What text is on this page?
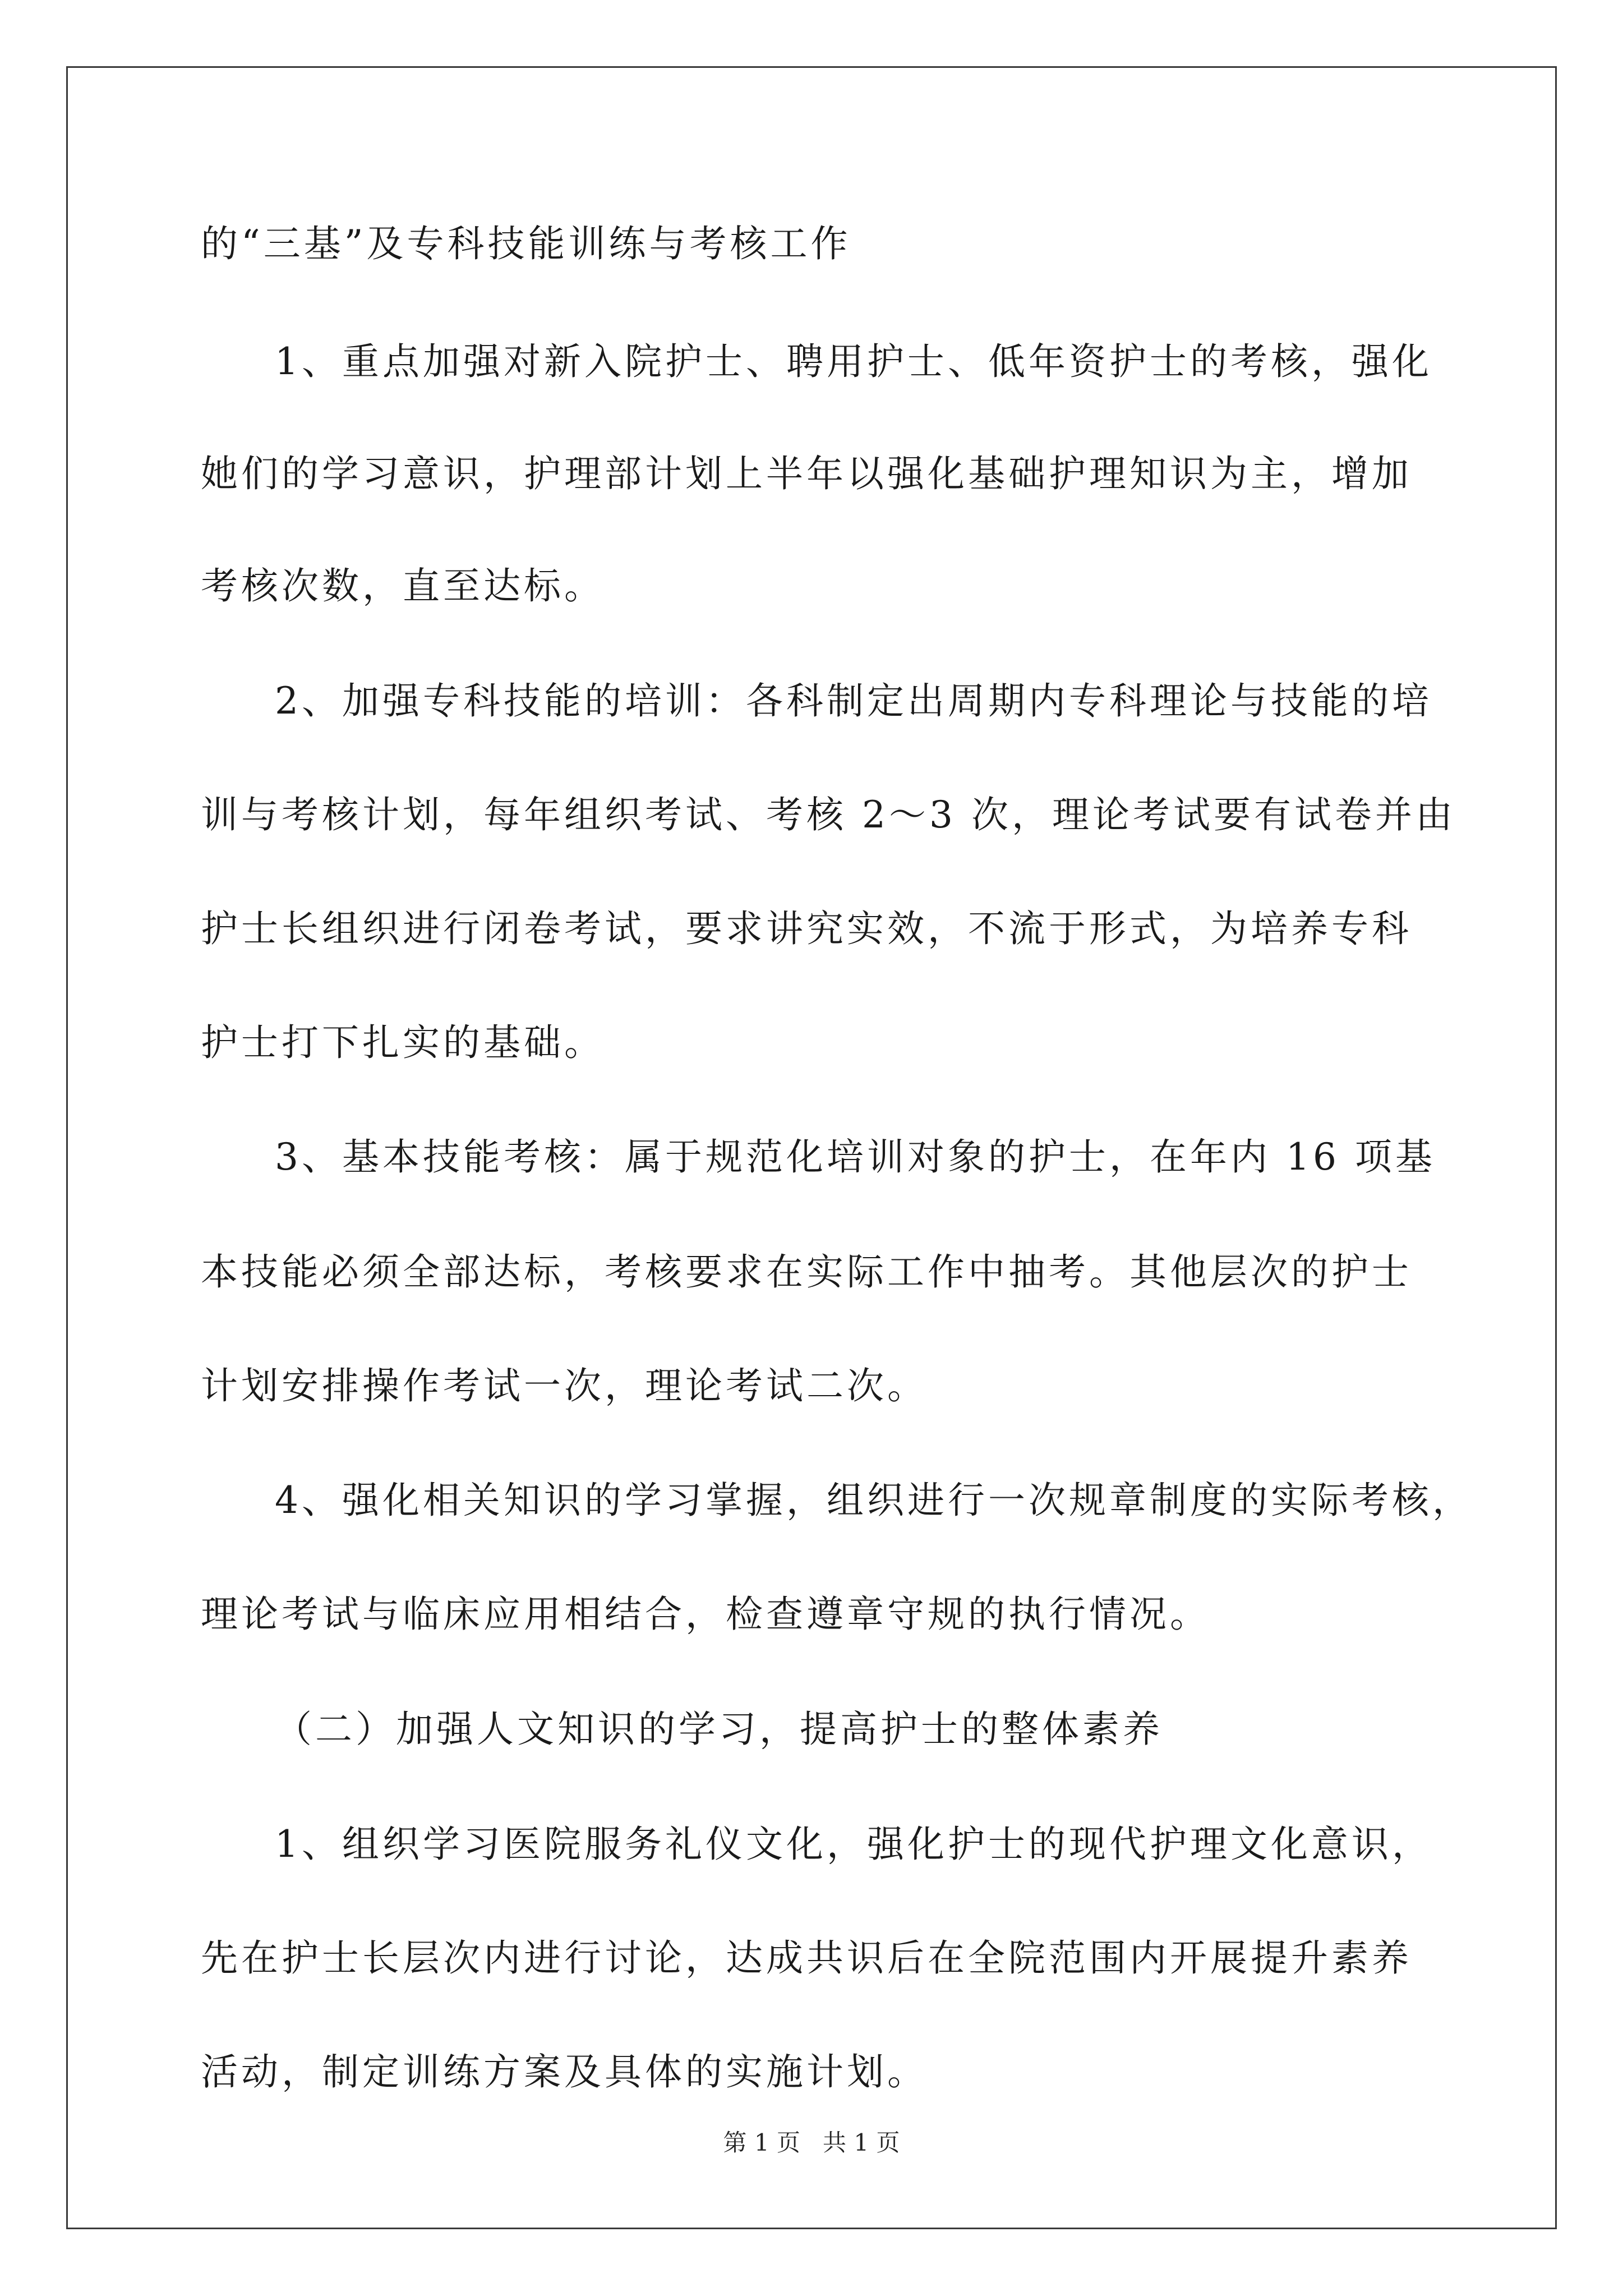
的“三基”及专科技能训练与考核工作
1、重点加强对新入院护士、聘用护士、低年资护士的考核，强化
她们的学习意识，护理部计划上半年以强化基础护理知识为主，增加
考核次数，直至达标。
2、加强专科技能的培训：各科制定出周期内专科理论与技能的培
训与考核计划，每年组织考试、考核 2～3 次，理论考试要有试卷并由
护士长组织进行闭卷考试，要求讲究实效，不流于形式，为培养专科
护士打下扎实的基础。
3、基本技能考核：属于规范化培训对象的护士，在年内 16 项基
本技能必须全部达标，考核要求在实际工作中抽考。其他层次的护士
计划安排操作考试一次，理论考试二次。
4、强化相关知识的学习掌握，组织进行一次规章制度的实际考核，
理论考试与临床应用相结合，检查遵章守规的执行情况。
（二）加强人文知识的学习，提高护士的整体素养
1、组织学习医院服务礼仪文化，强化护士的现代护理文化意识，
先在护士长层次内进行讨论，达成共识后在全院范围内开展提升素养
活动，制定训练方案及具体的实施计划。
第 1 页   共 1 页
